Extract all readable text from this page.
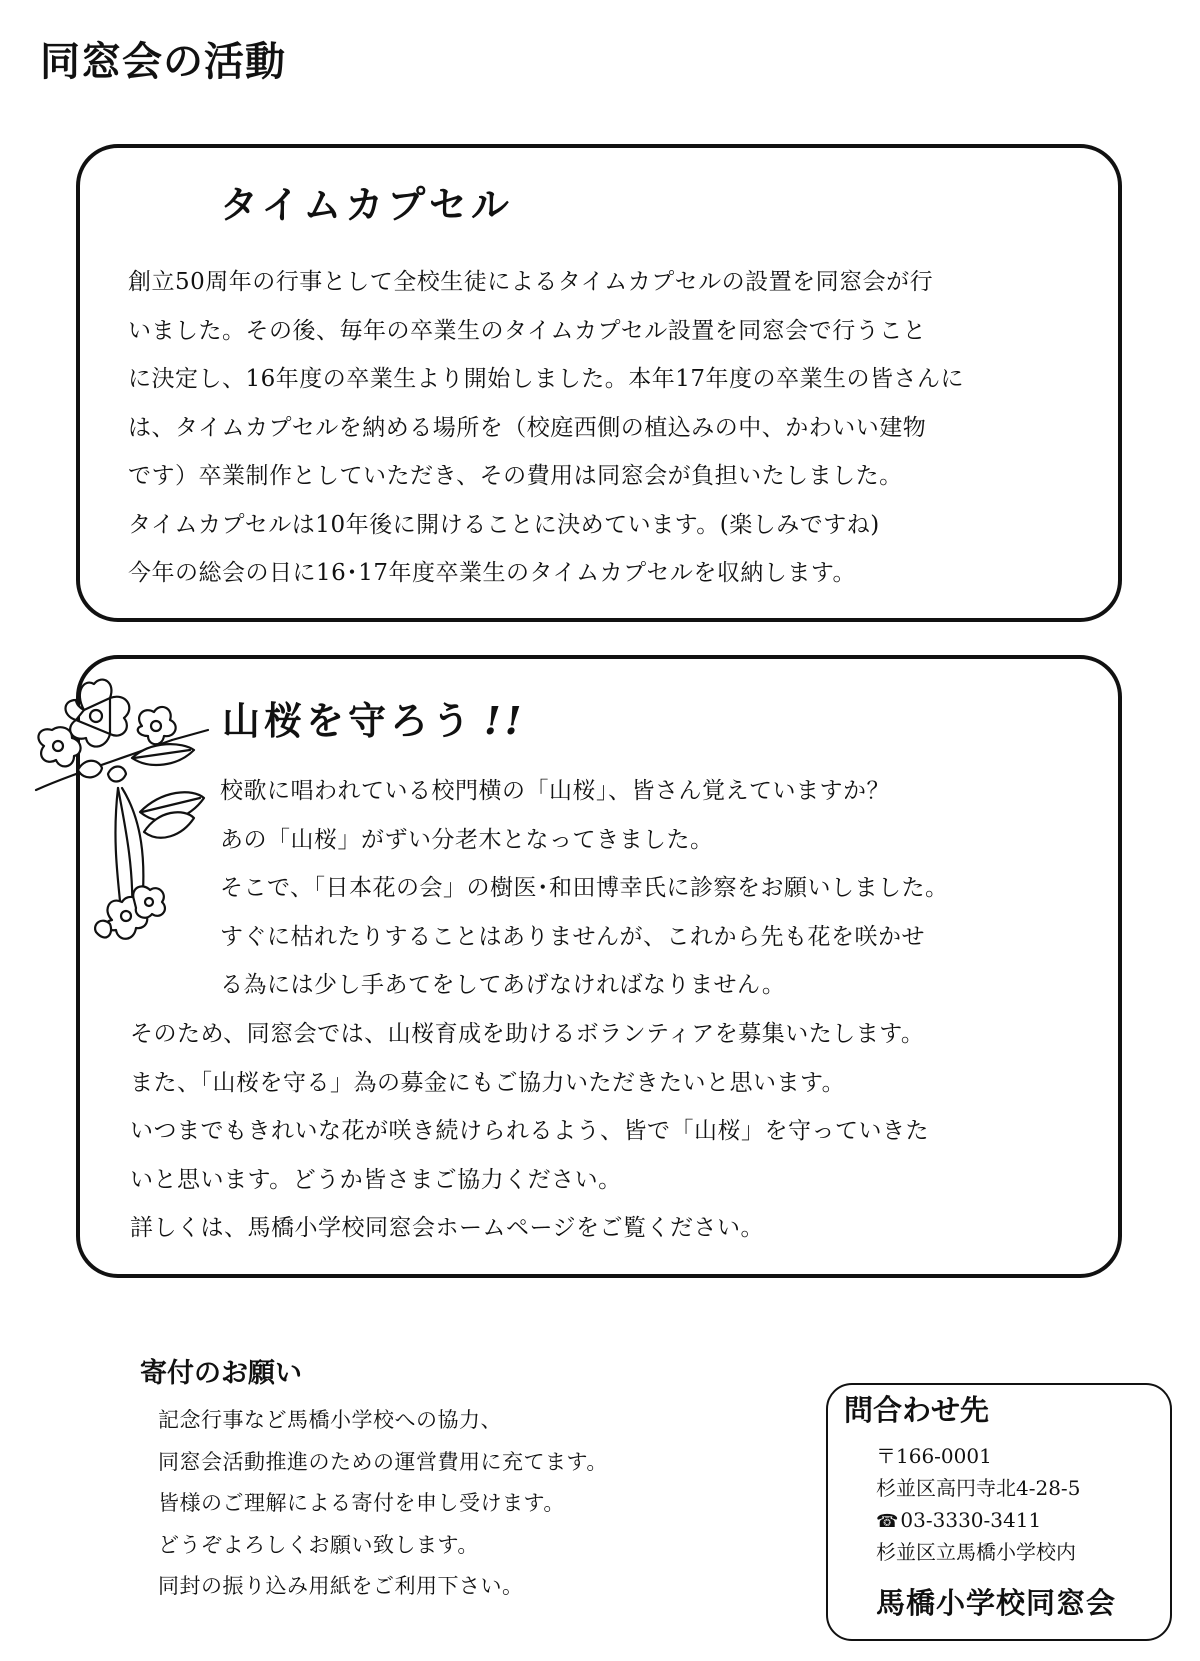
同窓会の活動
タイムカプセル
創立50周年の行事として全校生徒によるタイムカプセルの設置を同窓会が行
いました。その後、毎年の卒業生のタイムカプセル設置を同窓会で行うこと
に決定し、16年度の卒業生より開始しました。本年17年度の卒業生の皆さんに
は、タイムカプセルを納める場所を（校庭西側の植込みの中、かわいい建物
です）卒業制作としていただき、その費用は同窓会が負担いたしました。
タイムカプセルは10年後に開けることに決めています。(楽しみですね)
今年の総会の日に16･17年度卒業生のタイムカプセルを収納します。
山桜を守ろう !!
校歌に唱われている校門横の「山桜」、皆さん覚えていますか？
あの「山桜」がずい分老木となってきました。
そこで、「日本花の会」の樹医･和田博幸氏に診察をお願いしました。
すぐに枯れたりすることはありませんが、これから先も花を咲かせ
る為には少し手あてをしてあげなければなりません。
そのため、同窓会では、山桜育成を助けるボランティアを募集いたします。
また、「山桜を守る」為の募金にもご協力いただきたいと思います。
いつまでもきれいな花が咲き続けられるよう、皆で「山桜」を守っていきた
いと思います。どうか皆さまご協力ください。
詳しくは、馬橋小学校同窓会ホームページをご覧ください。
寄付のお願い
記念行事など馬橋小学校への協力、
同窓会活動推進のための運営費用に充てます。
皆様のご理解による寄付を申し受けます。
どうぞよろしくお願い致します。
同封の振り込み用紙をご利用下さい。
問合わせ先
〒166-0001
杉並区高円寺北4-28-5
☎ 03-3330-3411
杉並区立馬橋小学校内
馬橋小学校同窓会
